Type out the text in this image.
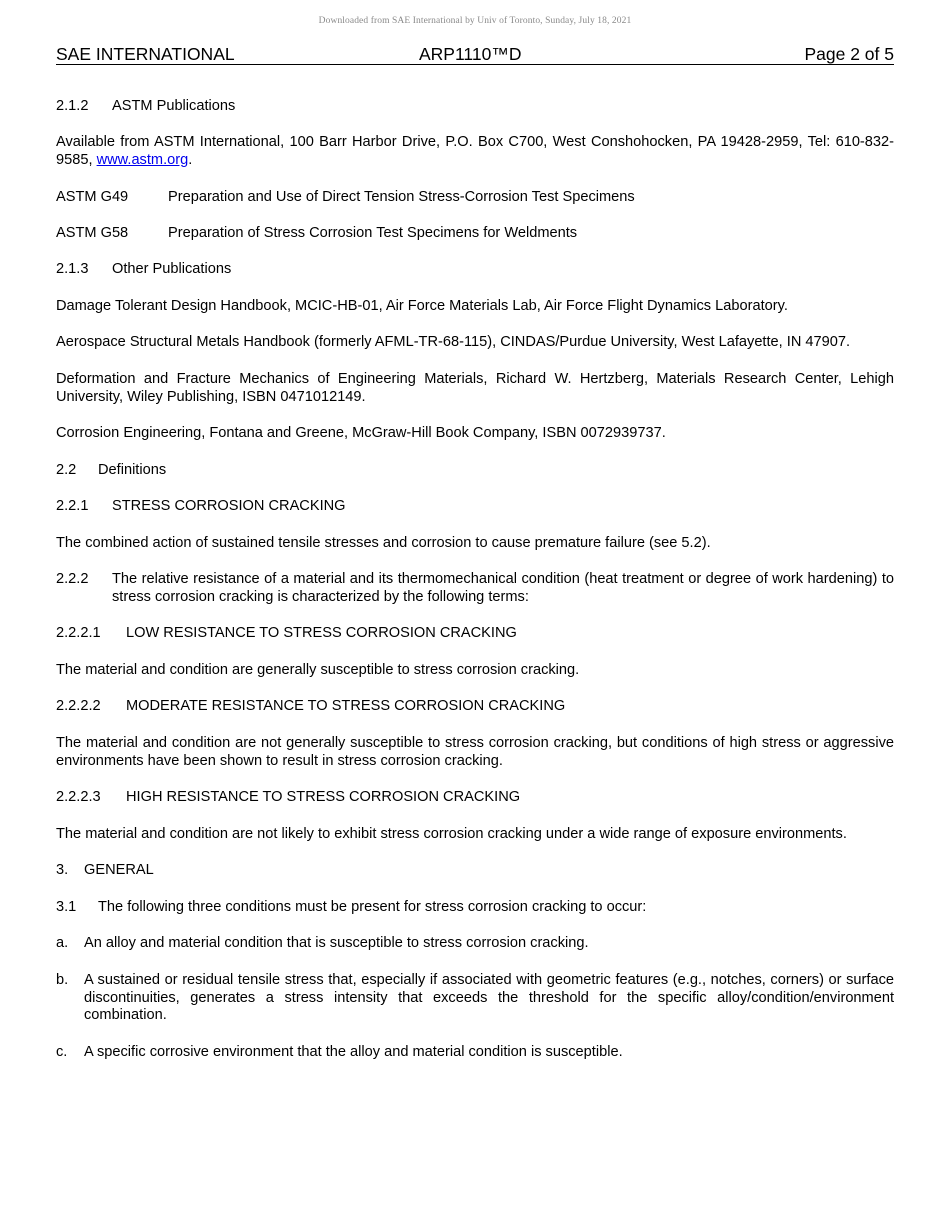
Downloaded from SAE International by Univ of Toronto, Sunday, July 18, 2021
SAE INTERNATIONAL	ARP1110™D	Page 2 of 5
2.1.2	ASTM Publications
Available from ASTM International, 100 Barr Harbor Drive, P.O. Box C700, West Conshohocken, PA 19428-2959, Tel: 610-832-9585, www.astm.org.
ASTM G49	Preparation and Use of Direct Tension Stress-Corrosion Test Specimens
ASTM G58	Preparation of Stress Corrosion Test Specimens for Weldments
2.1.3	Other Publications
Damage Tolerant Design Handbook, MCIC-HB-01, Air Force Materials Lab, Air Force Flight Dynamics Laboratory.
Aerospace Structural Metals Handbook (formerly AFML-TR-68-115), CINDAS/Purdue University, West Lafayette, IN 47907.
Deformation and Fracture Mechanics of Engineering Materials, Richard W. Hertzberg, Materials Research Center, Lehigh University, Wiley Publishing, ISBN 0471012149.
Corrosion Engineering, Fontana and Greene, McGraw-Hill Book Company, ISBN 0072939737.
2.2	Definitions
2.2.1	STRESS CORROSION CRACKING
The combined action of sustained tensile stresses and corrosion to cause premature failure (see 5.2).
2.2.2	The relative resistance of a material and its thermomechanical condition (heat treatment or degree of work hardening) to stress corrosion cracking is characterized by the following terms:
2.2.2.1	LOW RESISTANCE TO STRESS CORROSION CRACKING
The material and condition are generally susceptible to stress corrosion cracking.
2.2.2.2	MODERATE RESISTANCE TO STRESS CORROSION CRACKING
The material and condition are not generally susceptible to stress corrosion cracking, but conditions of high stress or aggressive environments have been shown to result in stress corrosion cracking.
2.2.2.3	HIGH RESISTANCE TO STRESS CORROSION CRACKING
The material and condition are not likely to exhibit stress corrosion cracking under a wide range of exposure environments.
3.	GENERAL
3.1	The following three conditions must be present for stress corrosion cracking to occur:
a.	An alloy and material condition that is susceptible to stress corrosion cracking.
b.	A sustained or residual tensile stress that, especially if associated with geometric features (e.g., notches, corners) or surface discontinuities, generates a stress intensity that exceeds the threshold for the specific alloy/condition/environment combination.
c.	A specific corrosive environment that the alloy and material condition is susceptible.
